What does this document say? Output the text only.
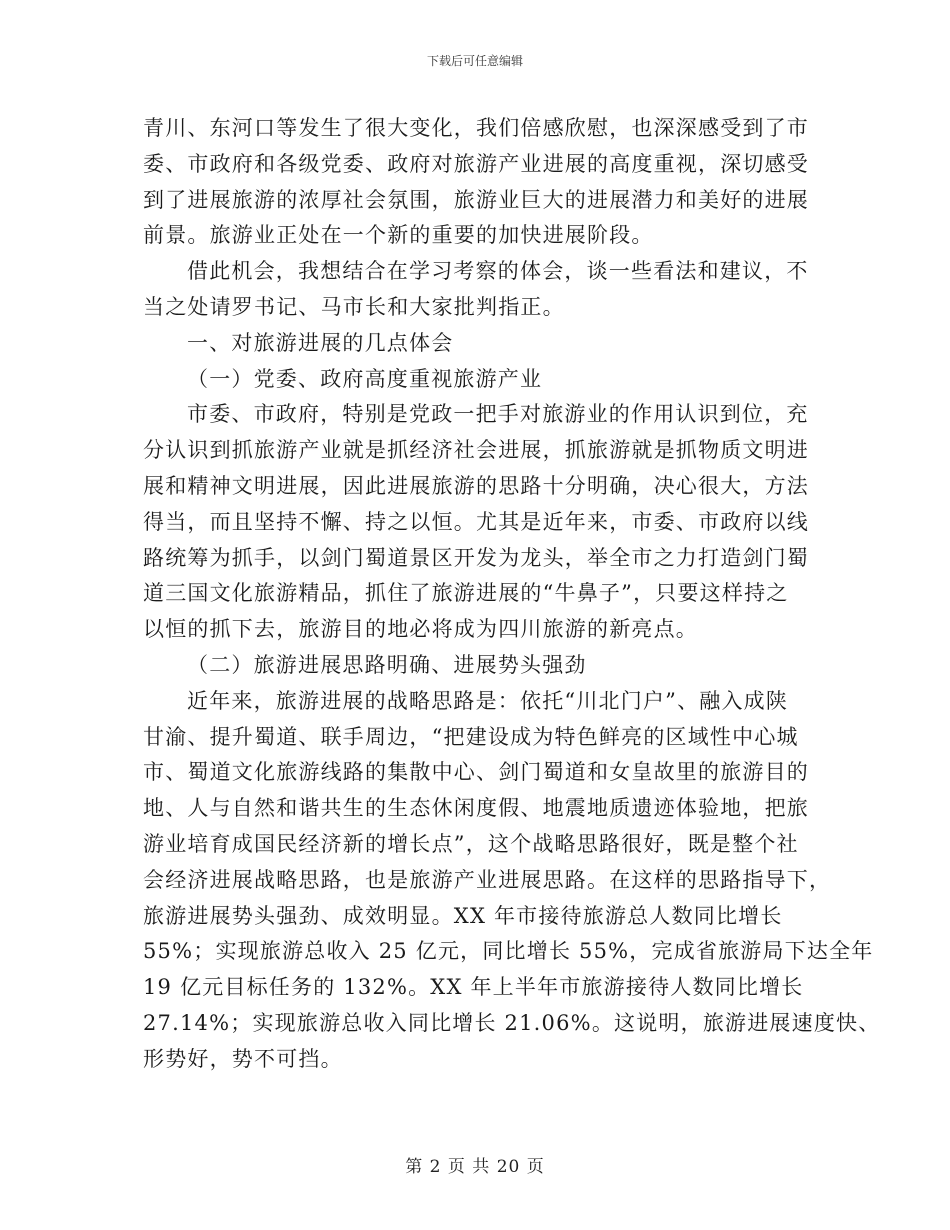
下载后可任意编辑
青川、东河口等发生了很大变化，我们倍感欣慰，也深深感受到了市
委、市政府和各级党委、政府对旅游产业进展的高度重视，深切感受
到了进展旅游的浓厚社会氛围，旅游业巨大的进展潜力和美好的进展
前景。旅游业正处在一个新的重要的加快进展阶段。
借此机会，我想结合在学习考察的体会，谈一些看法和建议，不
当之处请罗书记、马市长和大家批判指正。
一、对旅游进展的几点体会
（一）党委、政府高度重视旅游产业
市委、市政府，特别是党政一把手对旅游业的作用认识到位，充
分认识到抓旅游产业就是抓经济社会进展，抓旅游就是抓物质文明进
展和精神文明进展，因此进展旅游的思路十分明确，决心很大，方法
得当，而且坚持不懈、持之以恒。尤其是近年来，市委、市政府以线
路统筹为抓手，以剑门蜀道景区开发为龙头，举全市之力打造剑门蜀
道三国文化旅游精品，抓住了旅游进展的“牛鼻子”，只要这样持之
以恒的抓下去，旅游目的地必将成为四川旅游的新亮点。
（二）旅游进展思路明确、进展势头强劲
近年来，旅游进展的战略思路是：依托“川北门户”、融入成陕
甘渝、提升蜀道、联手周边，“把建设成为特色鲜亮的区域性中心城
市、蜀道文化旅游线路的集散中心、剑门蜀道和女皇故里的旅游目的
地、人与自然和谐共生的生态休闲度假、地震地质遗迹体验地，把旅
游业培育成国民经济新的增长点”，这个战略思路很好，既是整个社
会经济进展战略思路，也是旅游产业进展思路。在这样的思路指导下，
旅游进展势头强劲、成效明显。XX 年市接待旅游总人数同比增长
55%；实现旅游总收入 25 亿元，同比增长 55%，完成省旅游局下达全年
19 亿元目标任务的 132%。XX 年上半年市旅游接待人数同比增长
27.14%；实现旅游总收入同比增长 21.06%。这说明，旅游进展速度快、
形势好，势不可挡。
第 2 页 共 20 页
